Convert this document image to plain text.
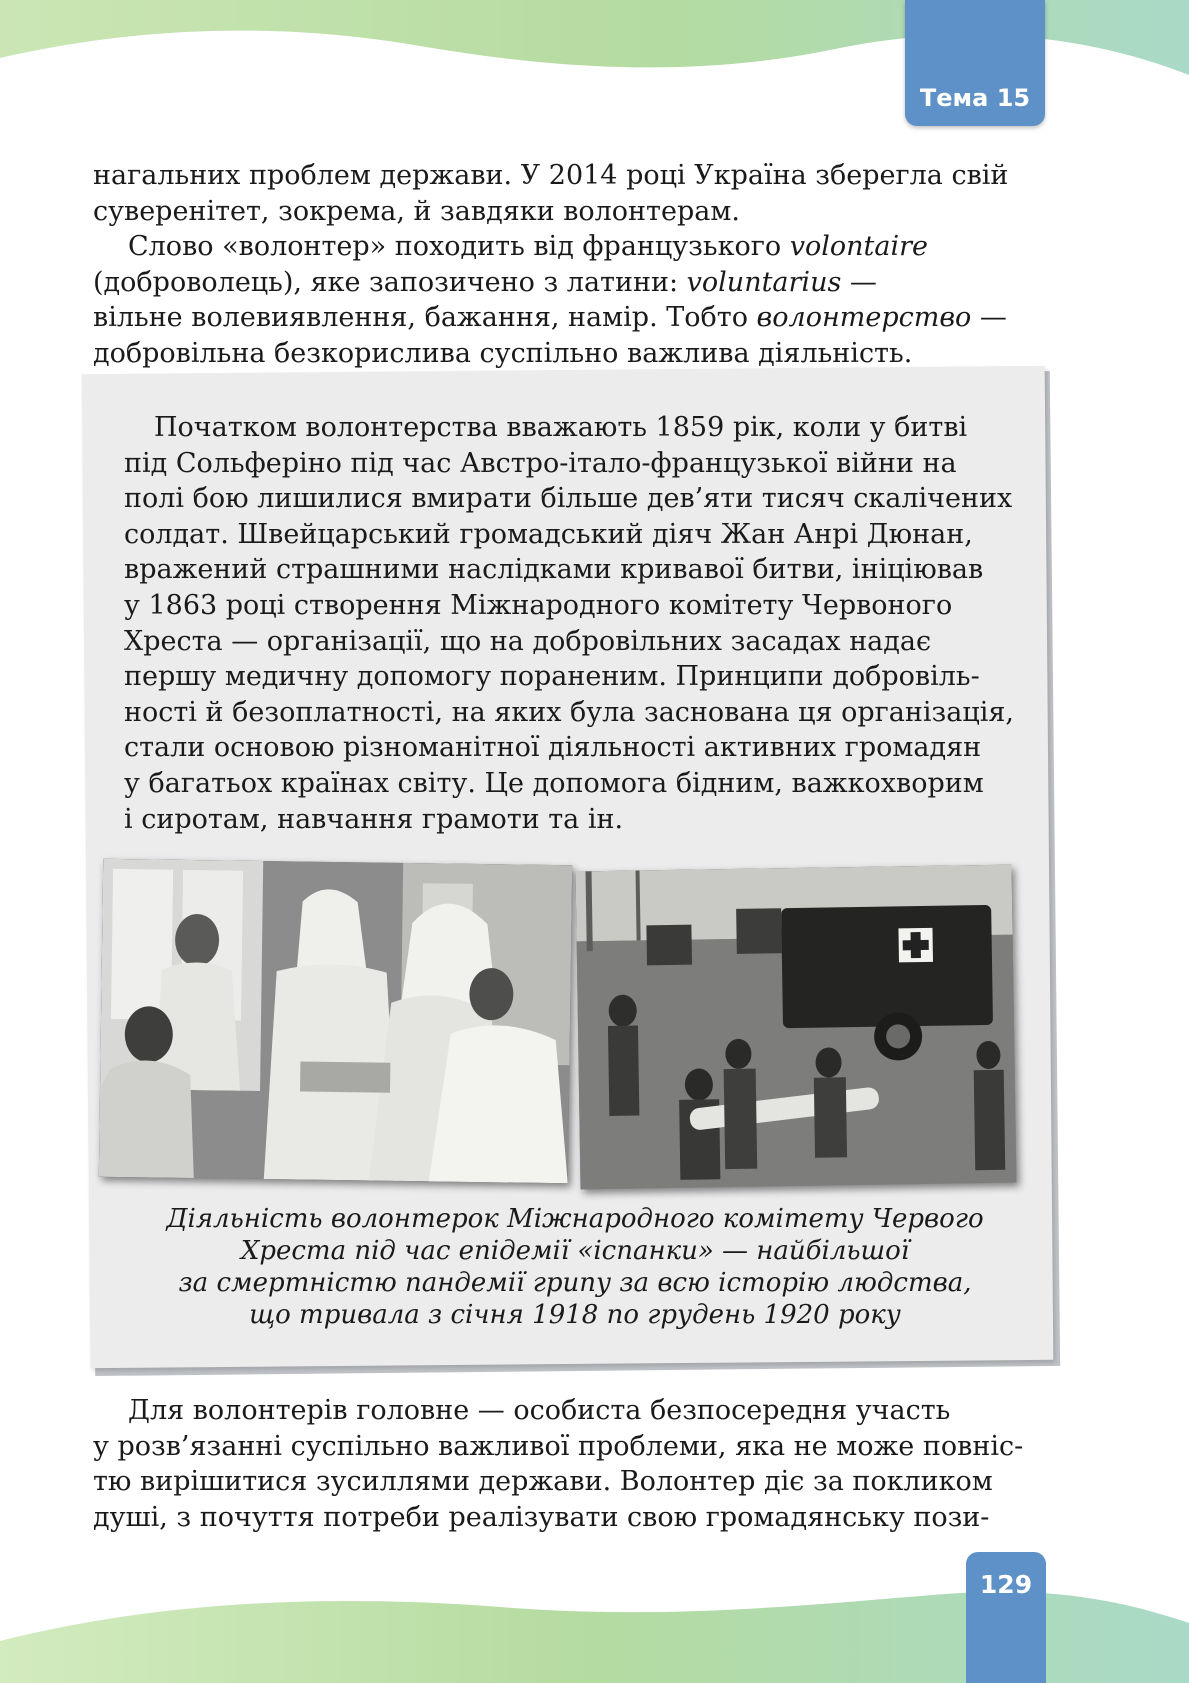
Тема 15

нагальних проблем держави. У 2014 році Україна зберегла свій
суверенітет, зокрема, й завдяки волонтерам.

Слово «волонтер» походить від французького volontaire
(доброволець), яке запозичено з латини: voluntarius —
вільне волевиявлення, бажання, намір. Тобто волонтерство —
добровільна безкорислива суспільно важлива діяльність.

Початком волонтерства вважають 1859 рік, коли у битві
під Сольферіно під час Австро-італо-французької війни на
полі бою лишилися вмирати більше дев’яти тисяч скалічених
солдат. Швейцарський громадський діяч Жан Анрі Дюнан,
вражений страшними наслідками кривавої битви, ініціював
у 1863 році створення Міжнародного комітету Червоного
Хреста — організації, що на добровільних засадах надає
першу медичну допомогу пораненим. Принципи добровіль-
ності й безоплатності, на яких була заснована ця організація,
стали основою різноманітної діяльності активних громадян
у багатьох країнах світу. Це допомога бідним, важкохворим
і сиротам, навчання грамоти та ін.

Діяльність волонтерок Міжнародного комітету Червого
Хреста під час епідемії «іспанки» — найбільшої
за смертністю пандемії грипу за всю історію людства,
що тривала з січня 1918 по грудень 1920 року

Для волонтерів головне — особиста безпосередня участь
у розв’язанні суспільно важливої проблеми, яка не може повніс-
тю вирішитися зусиллями держави. Волонтер діє за покликом
душі, з почуття потреби реалізувати свою громадянську пози-

129
